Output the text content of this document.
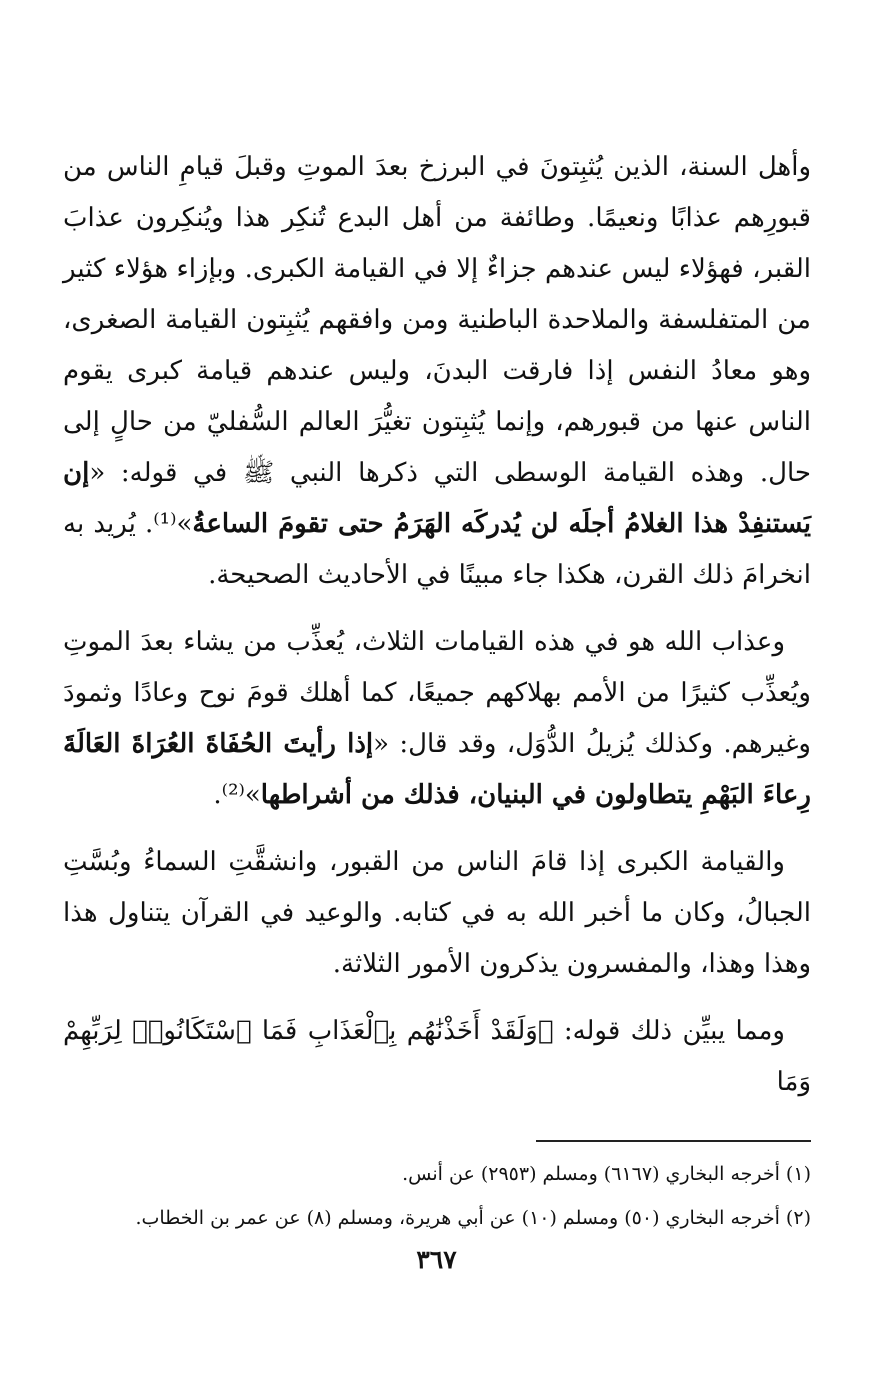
وأهل السنة، الذين يُثبِتونَ في البرزخ بعدَ الموتِ وقبلَ قيامِ الناس من قبورِهم عذابًا ونعيمًا. وطائفة من أهل البدع تُنكِر هذا ويُنكِرون عذابَ القبر، فهؤلاء ليس عندهم جزاءٌ إلا في القيامة الكبرى. وبإزاء هؤلاء كثير من المتفلسفة والملاحدة الباطنية ومن وافقهم يُثبِتون القيامة الصغرى، وهو معادُ النفس إذا فارقت البدنَ، وليس عندهم قيامة كبرى يقوم الناس عنها من قبورهم، وإنما يُثبِتون تغيُّرَ العالم السُّفليّ من حالٍ إلى حال. وهذه القيامة الوسطى التي ذكرها النبي ﷺ في قوله: «إن يَستنفِدْ هذا الغلامُ أجلَه لن يُدركَه الهَرَمُ حتى تقومَ الساعةُ»⁽¹⁾. يُريد به انخرامَ ذلك القرن، هكذا جاء مبينًا في الأحاديث الصحيحة.

وعذاب الله هو في هذه القيامات الثلاث، يُعذِّب من يشاء بعدَ الموتِ ويُعذِّب كثيرًا من الأمم بهلاكهم جميعًا، كما أهلك قومَ نوح وعادًا وثمودَ وغيرهم. وكذلك يُزيلُ الدُّوَل، وقد قال: «إذا رأيتَ الحُفَاةَ العُرَاةَ العَالَةَ رِعاءَ البَهْمِ يتطاولون في البنيان، فذلك من أشراطها»⁽²⁾.

والقيامة الكبرى إذا قامَ الناس من القبور، وانشقَّتِ السماءُ وبُسَّتِ الجبالُ، وكان ما أخبر الله به في كتابه. والوعيد في القرآن يتناول هذا وهذا وهذا، والمفسرون يذكرون الأمور الثلاثة.

ومما يبيِّن ذلك قوله: ﴿وَلَقَدْ أَخَذْنَٰهُم بِٱلْعَذَابِ فَمَا ٱسْتَكَانُوا۟ لِرَبِّهِمْ وَمَا

(١) أخرجه البخاري (٦١٦٧) ومسلم (٢٩٥٣) عن أنس.

(٢) أخرجه البخاري (٥٠) ومسلم (١٠) عن أبي هريرة، ومسلم (٨) عن عمر بن الخطاب.

٣٦٧
